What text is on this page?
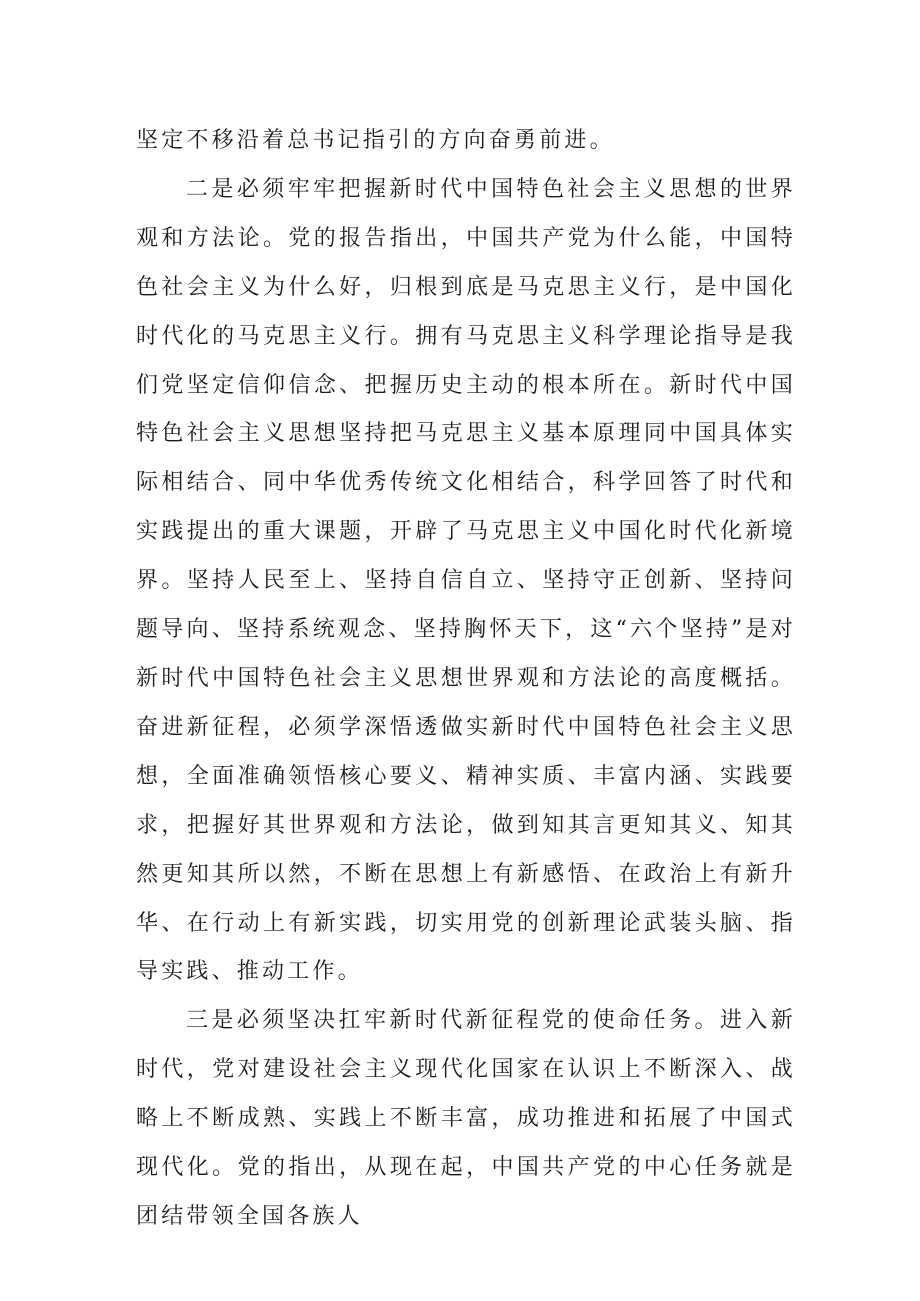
坚定不移沿着总书记指引的方向奋勇前进。

二是必须牢牢把握新时代中国特色社会主义思想的世界观和方法论。党的报告指出，中国共产党为什么能，中国特色社会主义为什么好，归根到底是马克思主义行，是中国化时代化的马克思主义行。拥有马克思主义科学理论指导是我们党坚定信仰信念、把握历史主动的根本所在。新时代中国特色社会主义思想坚持把马克思主义基本原理同中国具体实际相结合、同中华优秀传统文化相结合，科学回答了时代和实践提出的重大课题，开辟了马克思主义中国化时代化新境界。坚持人民至上、坚持自信自立、坚持守正创新、坚持问题导向、坚持系统观念、坚持胸怀天下，这“六个坚持”是对新时代中国特色社会主义思想世界观和方法论的高度概括。奋进新征程，必须学深悟透做实新时代中国特色社会主义思想，全面准确领悟核心要义、精神实质、丰富内涵、实践要求，把握好其世界观和方法论，做到知其言更知其义、知其然更知其所以然，不断在思想上有新感悟、在政治上有新升华、在行动上有新实践，切实用党的创新理论武装头脑、指导实践、推动工作。

三是必须坚决扛牢新时代新征程党的使命任务。进入新时代，党对建设社会主义现代化国家在认识上不断深入、战略上不断成熟、实践上不断丰富，成功推进和拓展了中国式现代化。党的指出，从现在起，中国共产党的中心任务就是团结带领全国各族人
